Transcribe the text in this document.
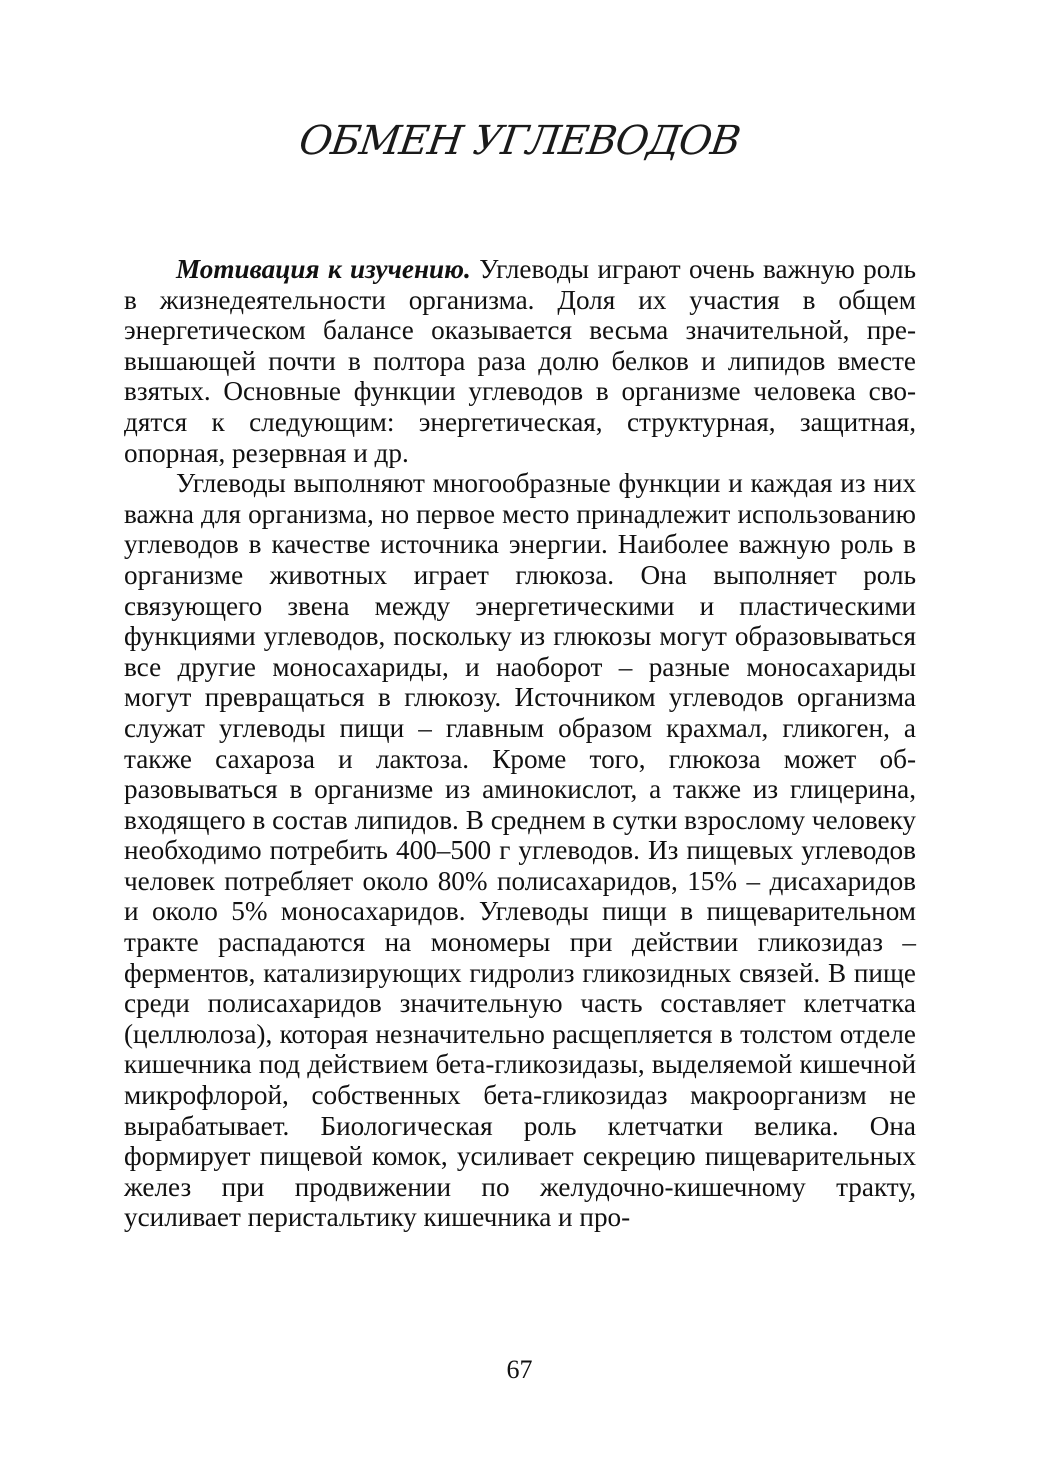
ОБМЕН УГЛЕВОДОВ

Мотивация к изучению. Углеводы играют очень важную роль в жизнедеятельности организма. Доля их участия в общем энергетическом балансе оказывается весьма значительной, превышающей почти в полтора раза долю белков и липидов вместе взятых. Основные функции углеводов в организме человека сводятся к следующим: энергетическая, структурная, защитная, опорная, резервная и др.

Углеводы выполняют многообразные функции и каждая из них важна для организма, но первое место принадлежит использованию углеводов в качестве источника энергии. Наиболее важную роль в организме животных играет глюкоза. Она выполняет роль связующего звена между энергетическими и пластическими функциями углеводов, поскольку из глюкозы могут образовываться все другие моносахариды, и наоборот – разные моносахариды могут превращаться в глюкозу. Источником углеводов организма служат углеводы пищи – главным образом крахмал, гликоген, а также сахароза и лактоза. Кроме того, глюкоза может образовываться в организме из аминокислот, а также из глицерина, входящего в состав липидов. В среднем в сутки взрослому человеку необходимо потребить 400–500 г углеводов. Из пищевых углеводов человек потребляет около 80% полисахаридов, 15% – дисахаридов и около 5% моносахаридов. Углеводы пищи в пищеварительном тракте распадаются на мономеры при действии гликозидаз – ферментов, катализирующих гидролиз гликозидных связей. В пище среди полисахаридов значительную часть составляет клетчатка (целлюлоза), которая незначительно расщепляется в толстом отделе кишечника под действием бета-гликозидазы, выделяемой кишечной микрофлорой, собственных бета-гликозидаз макроорганизм не вырабатывает. Биологическая роль клетчатки велика. Она формирует пищевой комок, усиливает секрецию пищеварительных желез при продвижении по желудочно-кишечному тракту, усиливает перистальтику кишечника и про-

67
